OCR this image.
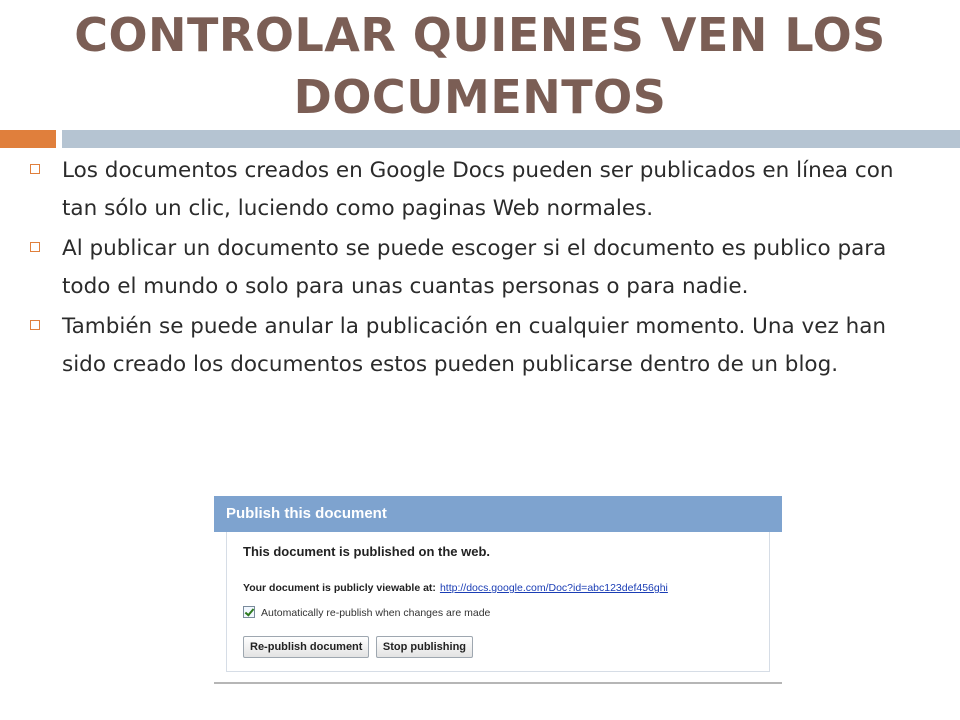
CONTROLAR QUIENES VEN LOS DOCUMENTOS
Los documentos creados en Google Docs pueden ser publicados en línea con tan sólo un clic, luciendo como paginas Web normales.
Al publicar un documento se puede escoger si el documento es publico para todo el mundo o solo para unas cuantas personas o para nadie.
También se puede anular la publicación en cualquier momento. Una vez han sido creado los documentos estos pueden publicarse dentro de un blog.
Publish this document
This document is published on the web.
Your document is publicly viewable at: http://docs.google.com/Doc?id=abc123def456ghi
Automatically re-publish when changes are made
Re-publish document Stop publishing
